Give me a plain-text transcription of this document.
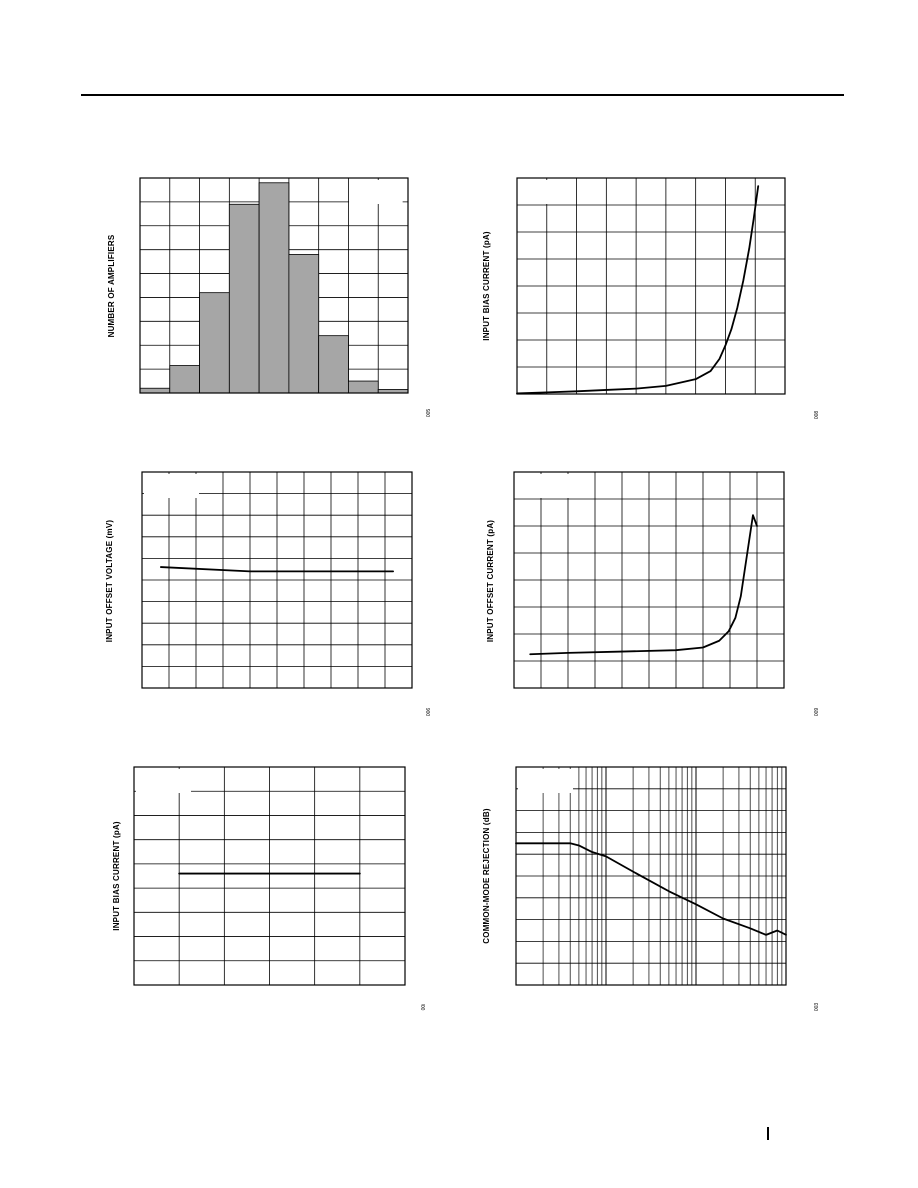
NUMBER OF AMPLIFIERS
005
INPUT BIAS CURRENT (pA)
008
INPUT OFFSET VOLTAGE (mV)
006
INPUT OFFSET CURRENT (pA)
009
INPUT BIAS CURRENT (pA)
00i
COMMON-MODE REJECTION (dB)
003
